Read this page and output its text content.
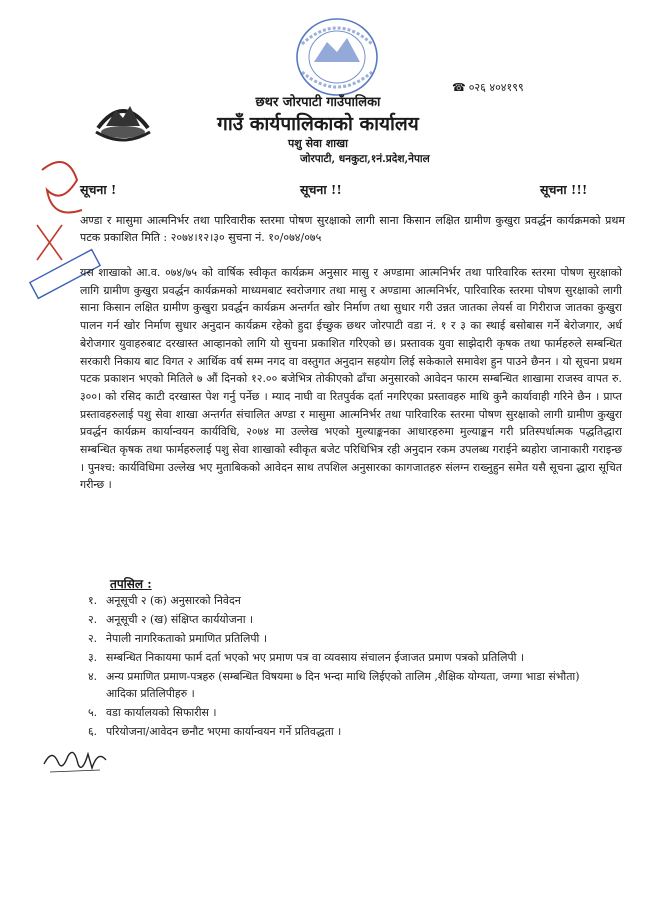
☎ ०२६ ४०४१९९
छथर जोरपाटी गाउँपालिका
गाउँ कार्यपालिकाको कार्यालय
पशु सेवा शाखा
जोरपाटी, धनकुटा,१नं.प्रदेश,नेपाल
सूचना !	सूचना !!	सूचना !!!
अण्डा र मासुमा आत्मनिर्भर तथा पारिवारीक स्तरमा पोषण सुरक्षाको लागी साना किसान लक्षित ग्रामीण कुखुरा प्रवर्द्धन कार्यक्रमको प्रथम पटक प्रकाशित मिति : २०७४।१२।३० सुचना नं. १०/०७४/०७५
यस शाखाको आ.व. ०७४/७५ को वार्षिक स्वीकृत कार्यक्रम अनुसार मासु र अण्डामा आत्मनिर्भर तथा पारिवारिक स्तरमा पोषण सुरक्षाको लागि ग्रामीण कुखुरा प्रवर्द्धन कार्यक्रमको माध्यमबाट स्वरोजगार तथा मासु र अण्डामा आत्मनिर्भर, पारिवारिक स्तरमा पोषण सुरक्षाको लागी साना किसान लक्षित ग्रामीण कुखुरा प्रवर्द्धन कार्यक्रम अन्तर्गत खोर निर्माण तथा सुधार गरी उन्नत जातका लेयर्स वा गिरीराज जातका कुखुरा पालन गर्न खोर निर्माण सुधार अनुदान कार्यक्रम रहेको हुदा ईच्छुक छथर जोरपाटी वडा नं. १ र ३ का स्थाई बसोबास गर्ने बेरोजगार, अर्ध बेरोजगार युवाहरुबाट दरखास्त आव्हानको लागि यो सुचना प्रकाशित गरिएको छ। प्रस्तावक युवा साझेदारी कृषक तथा फार्महरुले सम्बन्धित सरकारी निकाय बाट विगत २ आर्थिक वर्ष सम्म नगद वा वस्तुगत अनुदान सहयोग लिई सकेकाले समावेश हुन पाउने छैनन । यो सूचना प्रथम पटक प्रकाशन भएको मितिले ७ औं दिनको १२.०० बजेभित्र तोकीएको ढाँचा अनुसारको आवेदन फारम सम्बन्धित शाखामा राजस्व वापत रु. ३००। को रसिद काटी दरखास्त पेश गर्नु पर्नेछ । म्याद नाघी वा रितपुर्वक दर्ता नगरिएका प्रस्तावहरु माथि कुनै कार्यावाही गरिने छैन । प्राप्त प्रस्तावहरुलाई पशु सेवा शाखा अन्तर्गत संचालित अण्डा र मासुमा आत्मनिर्भर तथा पारिवारिक स्तरमा पोषण सुरक्षाको लागी ग्रामीण कुखुरा प्रवर्द्धन कार्यक्रम कार्यान्वयन कार्यविधि, २०७४ मा उल्लेख भएको मुल्याङ्कनका आधारहरुमा मुल्याङ्कन गरी प्रतिस्पर्धात्मक पद्धतिद्धारा सम्बन्धित कृषक तथा फार्महरुलाई पशु सेवा शाखाको स्वीकृत बजेट परिधिभित्र रही अनुदान रकम उपलब्ध गराईने ब्यहोरा जानाकारी गराइन्छ । पुनश्च: कार्यविधिमा उल्लेख भए मुताबिकको आवेदन साथ तपशिल अनुसारका कागजातहरु संलग्न राख्नुहुन समेत यसै सूचना द्धारा सूचित गरीन्छ ।
तपसिल :
१. अनूसूची २ (क) अनुसारको निवेदन
२. अनूसूची २ (ख) संक्षिप्त कार्ययोजना ।
२. नेपाली नागरिकताको प्रमाणित प्रतिलिपी ।
३. सम्बन्धित निकायमा फार्म दर्ता भएको भए प्रमाण पत्र वा व्यवसाय संचालन ईजाजत प्रमाण पत्रको प्रतिलिपी ।
४. अन्य प्रमाणित प्रमाण-पत्रहरु (सम्बन्धित विषयमा ७ दिन भन्दा माथि लिईएको तालिम ,शैक्षिक योग्यता, जग्गा भाडा संभौता) आदिका प्रतिलिपीहरु ।
५. वडा कार्यालयको सिफारीस ।
६. परियोजना/आवेदन छनौट भएमा कार्यान्वयन गर्ने प्रतिवद्धता ।
